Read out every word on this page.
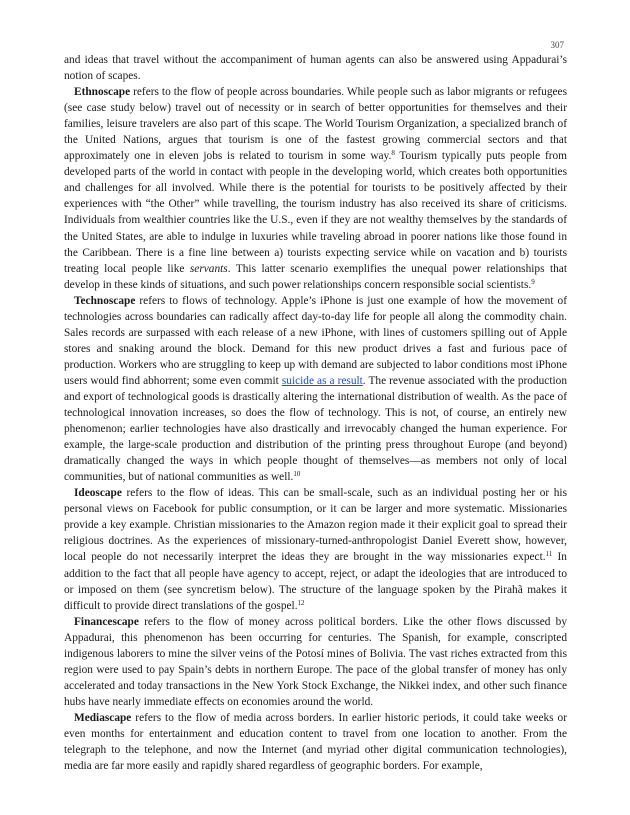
307

and ideas that travel without the accompaniment of human agents can also be answered using Appadurai’s notion of scapes.

Ethnoscape refers to the flow of people across boundaries. While people such as labor migrants or refugees (see case study below) travel out of necessity or in search of better opportunities for themselves and their families, leisure travelers are also part of this scape. The World Tourism Organization, a specialized branch of the United Nations, argues that tourism is one of the fastest growing commercial sectors and that approximately one in eleven jobs is related to tourism in some way.$^8$ Tourism typically puts people from developed parts of the world in contact with people in the developing world, which creates both opportunities and challenges for all involved. While there is the potential for tourists to be positively affected by their experiences with “the Other” while travelling, the tourism industry has also received its share of criticisms. Individuals from wealthier countries like the U.S., even if they are not wealthy themselves by the standards of the United States, are able to indulge in luxuries while traveling abroad in poorer nations like those found in the Caribbean. There is a fine line between a) tourists expecting service while on vacation and b) tourists treating local people like servants. This latter scenario exemplifies the unequal power relationships that develop in these kinds of situations, and such power relationships concern responsible social scientists.$^9$

Technoscape refers to flows of technology. Apple’s iPhone is just one example of how the movement of technologies across boundaries can radically affect day-to-day life for people all along the commodity chain. Sales records are surpassed with each release of a new iPhone, with lines of customers spilling out of Apple stores and snaking around the block. Demand for this new product drives a fast and furious pace of production. Workers who are struggling to keep up with demand are subjected to labor conditions most iPhone users would find abhorrent; some even commit suicide as a result. The revenue associated with the production and export of technological goods is drastically altering the international distribution of wealth. As the pace of technological innovation increases, so does the flow of technology. This is not, of course, an entirely new phenomenon; earlier technologies have also drastically and irrevocably changed the human experience. For example, the large-scale production and distribution of the printing press throughout Europe (and beyond) dramatically changed the ways in which people thought of themselves—as members not only of local communities, but of national communities as well.$^{10}$

Ideoscape refers to the flow of ideas. This can be small-scale, such as an individual posting her or his personal views on Facebook for public consumption, or it can be larger and more systematic. Missionaries provide a key example. Christian missionaries to the Amazon region made it their explicit goal to spread their religious doctrines. As the experiences of missionary-turned-anthropologist Daniel Everett show, however, local people do not necessarily interpret the ideas they are brought in the way missionaries expect.$^{11}$ In addition to the fact that all people have agency to accept, reject, or adapt the ideologies that are introduced to or imposed on them (see syncretism below). The structure of the language spoken by the Pirahã makes it difficult to provide direct translations of the gospel.$^{12}$

Financescape refers to the flow of money across political borders. Like the other flows discussed by Appadurai, this phenomenon has been occurring for centuries. The Spanish, for example, conscripted indigenous laborers to mine the silver veins of the Potosí mines of Bolivia. The vast riches extracted from this region were used to pay Spain’s debts in northern Europe. The pace of the global transfer of money has only accelerated and today transactions in the New York Stock Exchange, the Nikkei index, and other such finance hubs have nearly immediate effects on economies around the world.

Mediascape refers to the flow of media across borders. In earlier historic periods, it could take weeks or even months for entertainment and education content to travel from one location to another. From the telegraph to the telephone, and now the Internet (and myriad other digital communication technologies), media are far more easily and rapidly shared regardless of geographic borders. For example,
